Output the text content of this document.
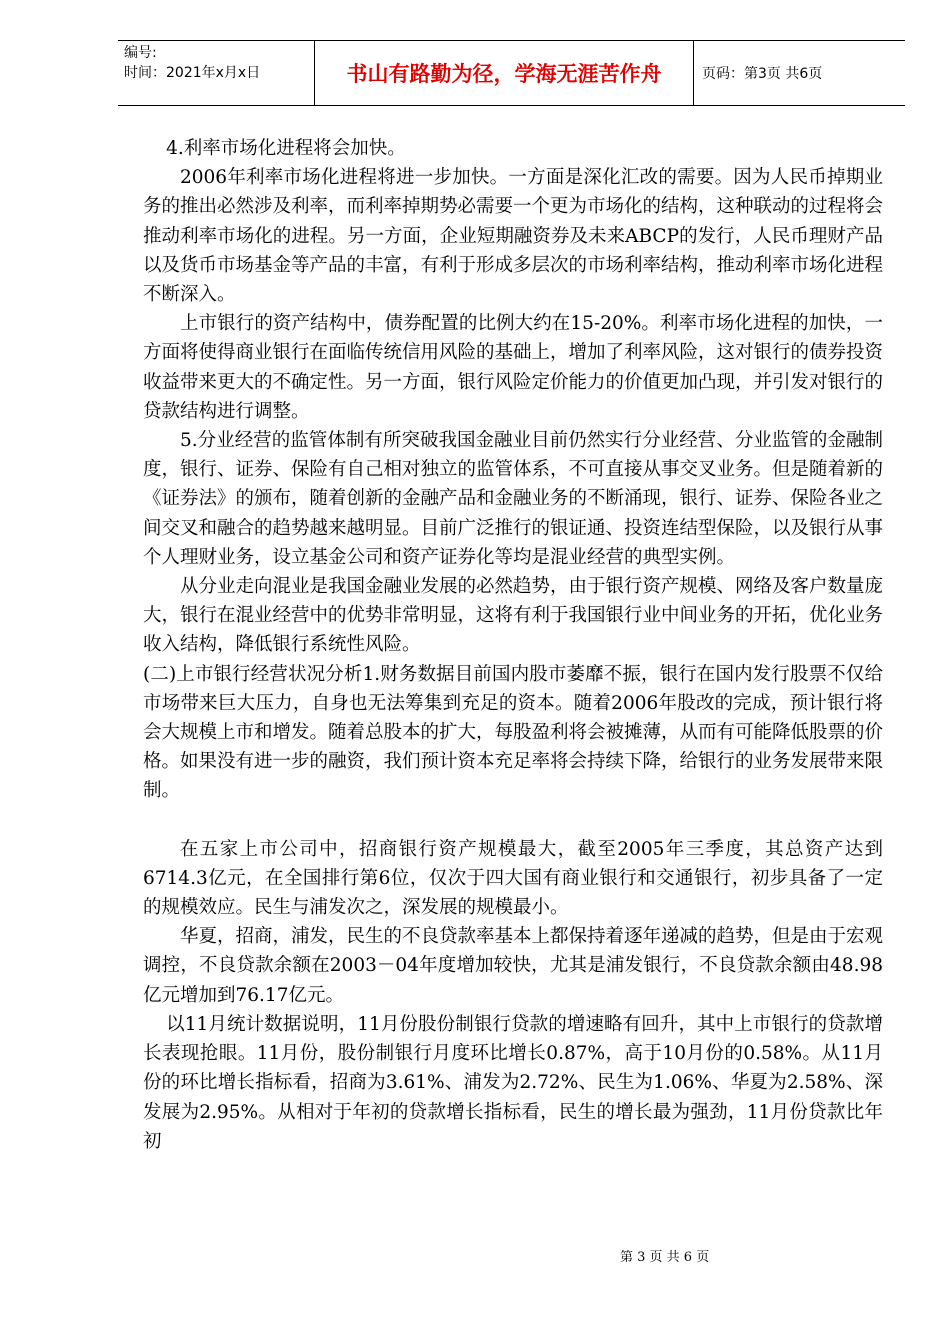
编号:
时间：2021年x月x日	书山有路勤为径，学海无涯苦作舟	页码：第3页 共6页

4.利率市场化进程将会加快。

2006年利率市场化进程将进一步加快。一方面是深化汇改的需要。因为人民币掉期业务的推出必然涉及利率，而利率掉期势必需要一个更为市场化的结构，这种联动的过程将会推动利率市场化的进程。另一方面，企业短期融资券及未来ABCP的发行，人民币理财产品以及货币市场基金等产品的丰富，有利于形成多层次的市场利率结构，推动利率市场化进程不断深入。

上市银行的资产结构中，债券配置的比例大约在15-20%。利率市场化进程的加快，一方面将使得商业银行在面临传统信用风险的基础上，增加了利率风险，这对银行的债券投资收益带来更大的不确定性。另一方面，银行风险定价能力的价值更加凸现，并引发对银行的贷款结构进行调整。

5.分业经营的监管体制有所突破我国金融业目前仍然实行分业经营、分业监管的金融制度，银行、证券、保险有自己相对独立的监管体系，不可直接从事交叉业务。但是随着新的《证券法》的颁布，随着创新的金融产品和金融业务的不断涌现，银行、证券、保险各业之间交叉和融合的趋势越来越明显。目前广泛推行的银证通、投资连结型保险，以及银行从事个人理财业务，设立基金公司和资产证券化等均是混业经营的典型实例。

从分业走向混业是我国金融业发展的必然趋势，由于银行资产规模、网络及客户数量庞大，银行在混业经营中的优势非常明显，这将有利于我国银行业中间业务的开拓，优化业务收入结构，降低银行系统性风险。

(二)上市银行经营状况分析1.财务数据目前国内股市萎靡不振，银行在国内发行股票不仅给市场带来巨大压力，自身也无法筹集到充足的资本。随着2006年股改的完成，预计银行将会大规模上市和增发。随着总股本的扩大，每股盈利将会被摊薄，从而有可能降低股票的价格。如果没有进一步的融资，我们预计资本充足率将会持续下降，给银行的业务发展带来限制。

在五家上市公司中，招商银行资产规模最大，截至2005年三季度，其总资产达到6714.3亿元，在全国排行第6位，仅次于四大国有商业银行和交通银行，初步具备了一定的规模效应。民生与浦发次之，深发展的规模最小。

华夏，招商，浦发，民生的不良贷款率基本上都保持着逐年递减的趋势，但是由于宏观调控，不良贷款余额在2003－04年度增加较快，尤其是浦发银行，不良贷款余额由48.98亿元增加到76.17亿元。

以11月统计数据说明，11月份股份制银行贷款的增速略有回升，其中上市银行的贷款增长表现抢眼。11月份，股份制银行月度环比增长0.87%，高于10月份的0.58%。从11月份的环比增长指标看，招商为3.61%、浦发为2.72%、民生为1.06%、华夏为2.58%、深发展为2.95%。从相对于年初的贷款增长指标看，民生的增长最为强劲，11月份贷款比年初

第 3 页 共 6 页
